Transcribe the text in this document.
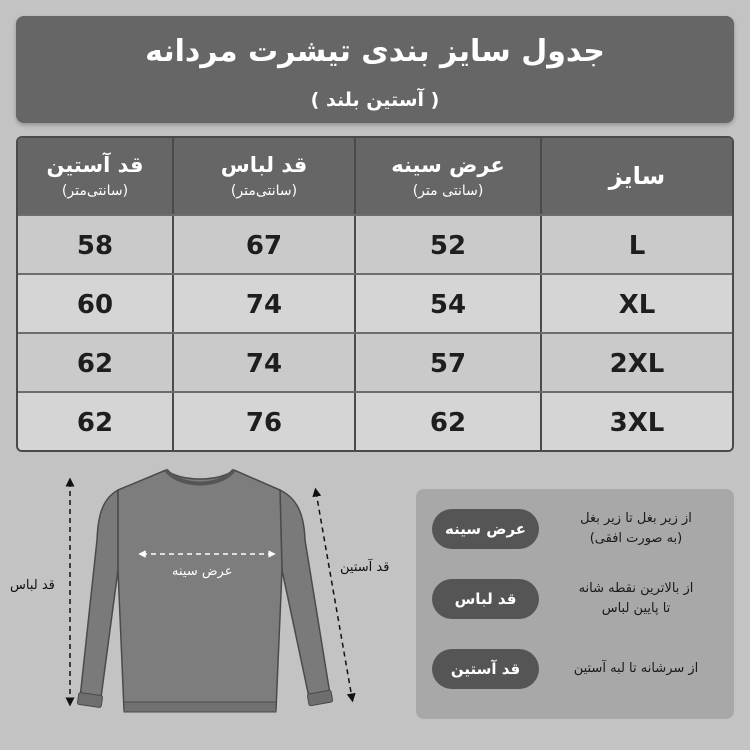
جدول سایز بندی تیشرت مردانه
( آستین بلند )
سایز
عرض سینه
(سانتی متر)
قد لباس
(سانتی‌متر)
قد آستین
(سانتی‌متر)
L
52
67
58
XL
54
74
60
2XL
57
74
62
3XL
62
76
62
قد لباس
قد آستین
عرض سینه
عرض سینه
از زیر بغل تا زیر بغل
(به صورت افقی)
قد لباس
از بالاترین نقطه شانه
تا پایین لباس
قد آستین	از سرشانه تا لبه آستین
